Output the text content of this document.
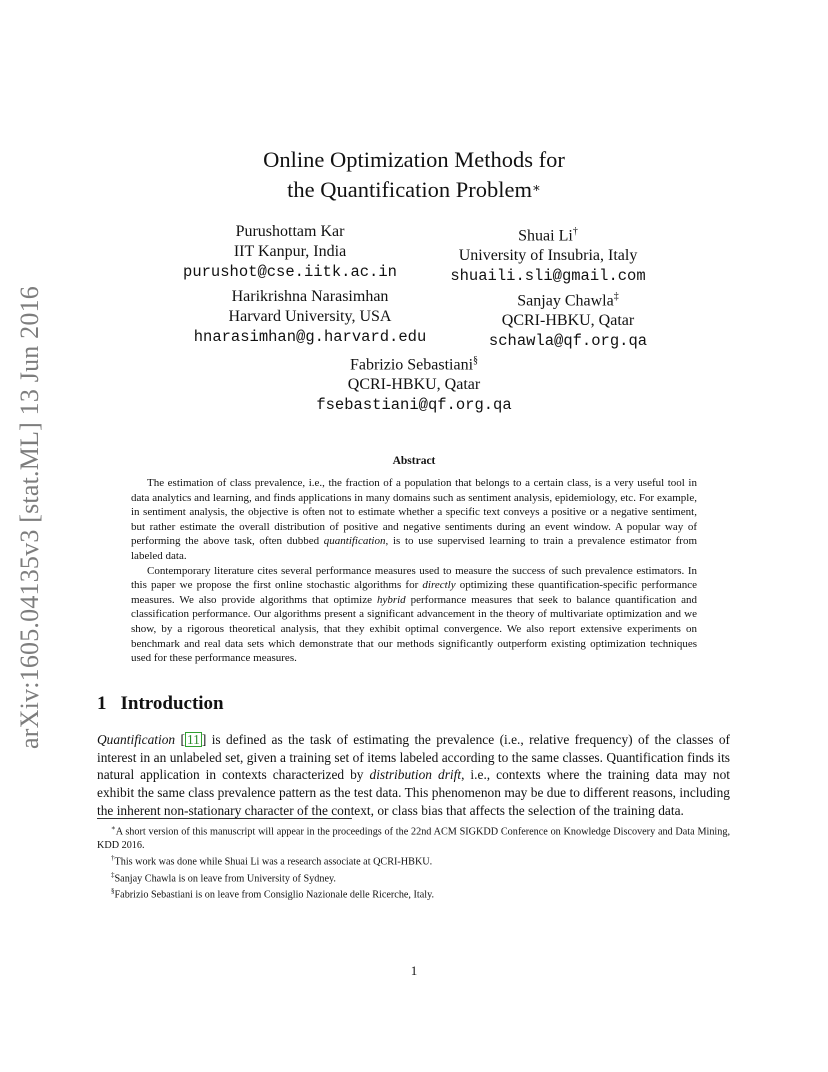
arXiv:1605.04135v3 [stat.ML] 13 Jun 2016
Online Optimization Methods for
the Quantification Problem∗
Purushottam Kar
IIT Kanpur, India
purushot@cse.iitk.ac.in
Shuai Li†
University of Insubria, Italy
shuaili.sli@gmail.com
Harikrishna Narasimhan
Harvard University, USA
hnarasimhan@g.harvard.edu
Sanjay Chawla‡
QCRI-HBKU, Qatar
schawla@qf.org.qa
Fabrizio Sebastiani§
QCRI-HBKU, Qatar
fsebastiani@qf.org.qa
Abstract

The estimation of class prevalence, i.e., the fraction of a population that belongs to a certain class, is a very useful tool in data analytics and learning, and finds applications in many domains such as sentiment analysis, epidemiology, etc. For example, in sentiment analysis, the objective is often not to estimate whether a specific text conveys a positive or a negative sentiment, but rather estimate the overall distribution of positive and negative sentiments during an event window. A popular way of performing the above task, often dubbed quantification, is to use supervised learning to train a prevalence estimator from labeled data.

Contemporary literature cites several performance measures used to measure the success of such prevalence estimators. In this paper we propose the first online stochastic algorithms for directly optimizing these quantification-specific performance measures. We also provide algorithms that optimize hybrid performance measures that seek to balance quantification and classification performance. Our algorithms present a significant advancement in the theory of multivariate optimization and we show, by a rigorous theoretical analysis, that they exhibit optimal convergence. We also report extensive experiments on benchmark and real data sets which demonstrate that our methods significantly outperform existing optimization techniques used for these performance measures.

1 Introduction

Quantification [ 11 ] is defined as the task of estimating the prevalence (i.e., relative frequency) of the classes of interest in an unlabeled set, given a training set of items labeled according to the same classes. Quantification finds its natural application in contexts characterized by distribution drift, i.e., contexts where the training data may not exhibit the same class prevalence pattern as the test data. This phenomenon may be due to different reasons, including the inherent non-stationary character of the context, or class bias that affects the selection of the training data.

∗A short version of this manuscript will appear in the proceedings of the 22nd ACM SIGKDD Conference on Knowledge Discovery and Data Mining, KDD 2016.

†This work was done while Shuai Li was a research associate at QCRI-HBKU.

‡Sanjay Chawla is on leave from University of Sydney.

§Fabrizio Sebastiani is on leave from Consiglio Nazionale delle Ricerche, Italy.

1
